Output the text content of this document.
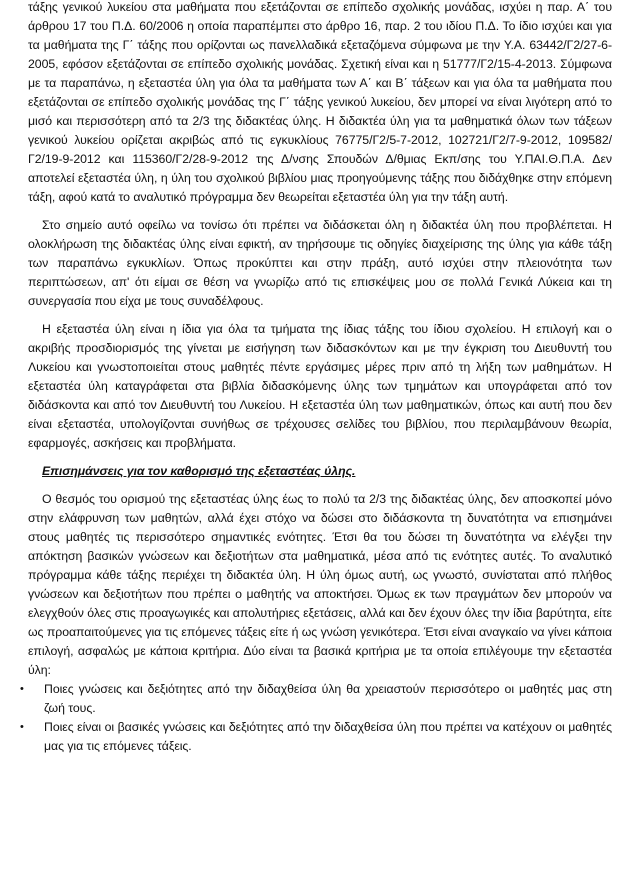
τάξης γενικού λυκείου στα μαθήματα που εξετάζονται σε επίπεδο σχολικής μονάδας, ισχύει η παρ. Α΄ του άρθρου 17 του Π.Δ. 60/2006 η οποία παραπέμπει στο άρθρο 16, παρ. 2 του ιδίου Π.Δ. Το ίδιο ισχύει και για τα μαθήματα της Γ΄ τάξης που ορίζονται ως πανελλαδικά εξεταζόμενα σύμφωνα με την Υ.Α. 63442/Γ2/27-6-2005, εφόσον εξετάζονται σε επίπεδο σχολικής μονάδας. Σχετική είναι και η 51777/Γ2/15-4-2013. Σύμφωνα με τα παραπάνω, η εξεταστέα ύλη για όλα τα μαθήματα των Α΄ και Β΄ τάξεων και για όλα τα μαθήματα που εξετάζονται σε επίπεδο σχολικής μονάδας της Γ΄ τάξης γενικού λυκείου, δεν μπορεί να είναι λιγότερη από το μισό και περισσότερη από τα 2/3 της διδακτέας ύλης. Η διδακτέα ύλη για τα μαθηματικά όλων των τάξεων γενικού λυκείου ορίζεται ακριβώς από τις εγκυκλίους 76775/Γ2/5-7-2012, 102721/Γ2/7-9-2012, 109582/Γ2/19-9-2012 και 115360/Γ2/28-9-2012 της Δ/νσης Σπουδών Δ/θμιας Εκπ/σης του Υ.ΠΑΙ.Θ.Π.Α. Δεν αποτελεί εξεταστέα ύλη, η ύλη του σχολικού βιβλίου μιας προηγούμενης τάξης που διδάχθηκε στην επόμενη τάξη, αφού κατά το αναλυτικό πρόγραμμα δεν θεωρείται εξεταστέα ύλη για την τάξη αυτή.

Στο σημείο αυτό οφείλω να τονίσω ότι πρέπει να διδάσκεται όλη η διδακτέα ύλη που προβλέπεται. Η ολοκλήρωση της διδακτέας ύλης είναι εφικτή, αν τηρήσουμε τις οδηγίες διαχείρισης της ύλης για κάθε τάξη των παραπάνω εγκυκλίων. Όπως προκύπτει και στην πράξη, αυτό ισχύει στην πλειονότητα των περιπτώσεων, απ' ότι είμαι σε θέση να γνωρίζω από τις επισκέψεις μου σε πολλά Γενικά Λύκεια και τη συνεργασία που είχα με τους συναδέλφους.

Η εξεταστέα ύλη είναι η ίδια για όλα τα τμήματα της ίδιας τάξης του ίδιου σχολείου. Η επιλογή και ο ακριβής προσδιορισμός της γίνεται με εισήγηση των διδασκόντων και με την έγκριση του Διευθυντή του Λυκείου και γνωστοποιείται στους μαθητές πέντε εργάσιμες μέρες πριν από τη λήξη των μαθημάτων. Η εξεταστέα ύλη καταγράφεται στα βιβλία διδασκόμενης ύλης των τμημάτων και υπογράφεται από τον διδάσκοντα και από τον Διευθυντή του Λυκείου. Η εξεταστέα ύλη των μαθηματικών, όπως και αυτή που δεν είναι εξεταστέα, υπολογίζονται συνήθως σε τρέχουσες σελίδες του βιβλίου, που περιλαμβάνουν θεωρία, εφαρμογές, ασκήσεις και προβλήματα.

Επισημάνσεις για τον καθορισμό της εξεταστέας ύλης.

Ο θεσμός του ορισμού της εξεταστέας ύλης έως το πολύ τα 2/3 της διδακτέας ύλης, δεν αποσκοπεί μόνο στην ελάφρυνση των μαθητών, αλλά έχει στόχο να δώσει στο διδάσκοντα τη δυνατότητα να επισημάνει στους μαθητές τις περισσότερο σημαντικές ενότητες. Έτσι θα του δώσει τη δυνατότητα να ελέγξει την απόκτηση βασικών γνώσεων και δεξιοτήτων στα μαθηματικά, μέσα από τις ενότητες αυτές. Το αναλυτικό πρόγραμμα κάθε τάξης περιέχει τη διδακτέα ύλη. Η ύλη όμως αυτή, ως γνωστό, συνίσταται από πλήθος γνώσεων και δεξιοτήτων που πρέπει ο μαθητής να αποκτήσει. Όμως εκ των πραγμάτων δεν μπορούν να ελεγχθούν όλες στις προαγωγικές και απολυτήριες εξετάσεις, αλλά και δεν έχουν όλες την ίδια βαρύτητα, είτε ως προαπαιτούμενες για τις επόμενες τάξεις είτε ή ως γνώση γενικότερα. Έτσι είναι αναγκαίο να γίνει κάποια επιλογή, ασφαλώς με κάποια κριτήρια. Δύο είναι τα βασικά κριτήρια με τα οποία επιλέγουμε την εξεταστέα ύλη:

• Ποιες γνώσεις και δεξιότητες από την διδαχθείσα ύλη θα χρειαστούν περισσότερο οι μαθητές μας στη ζωή τους.
• Ποιες είναι οι βασικές γνώσεις και δεξιότητες από την διδαχθείσα ύλη που πρέπει να κατέχουν οι μαθητές μας για τις επόμενες τάξεις.
